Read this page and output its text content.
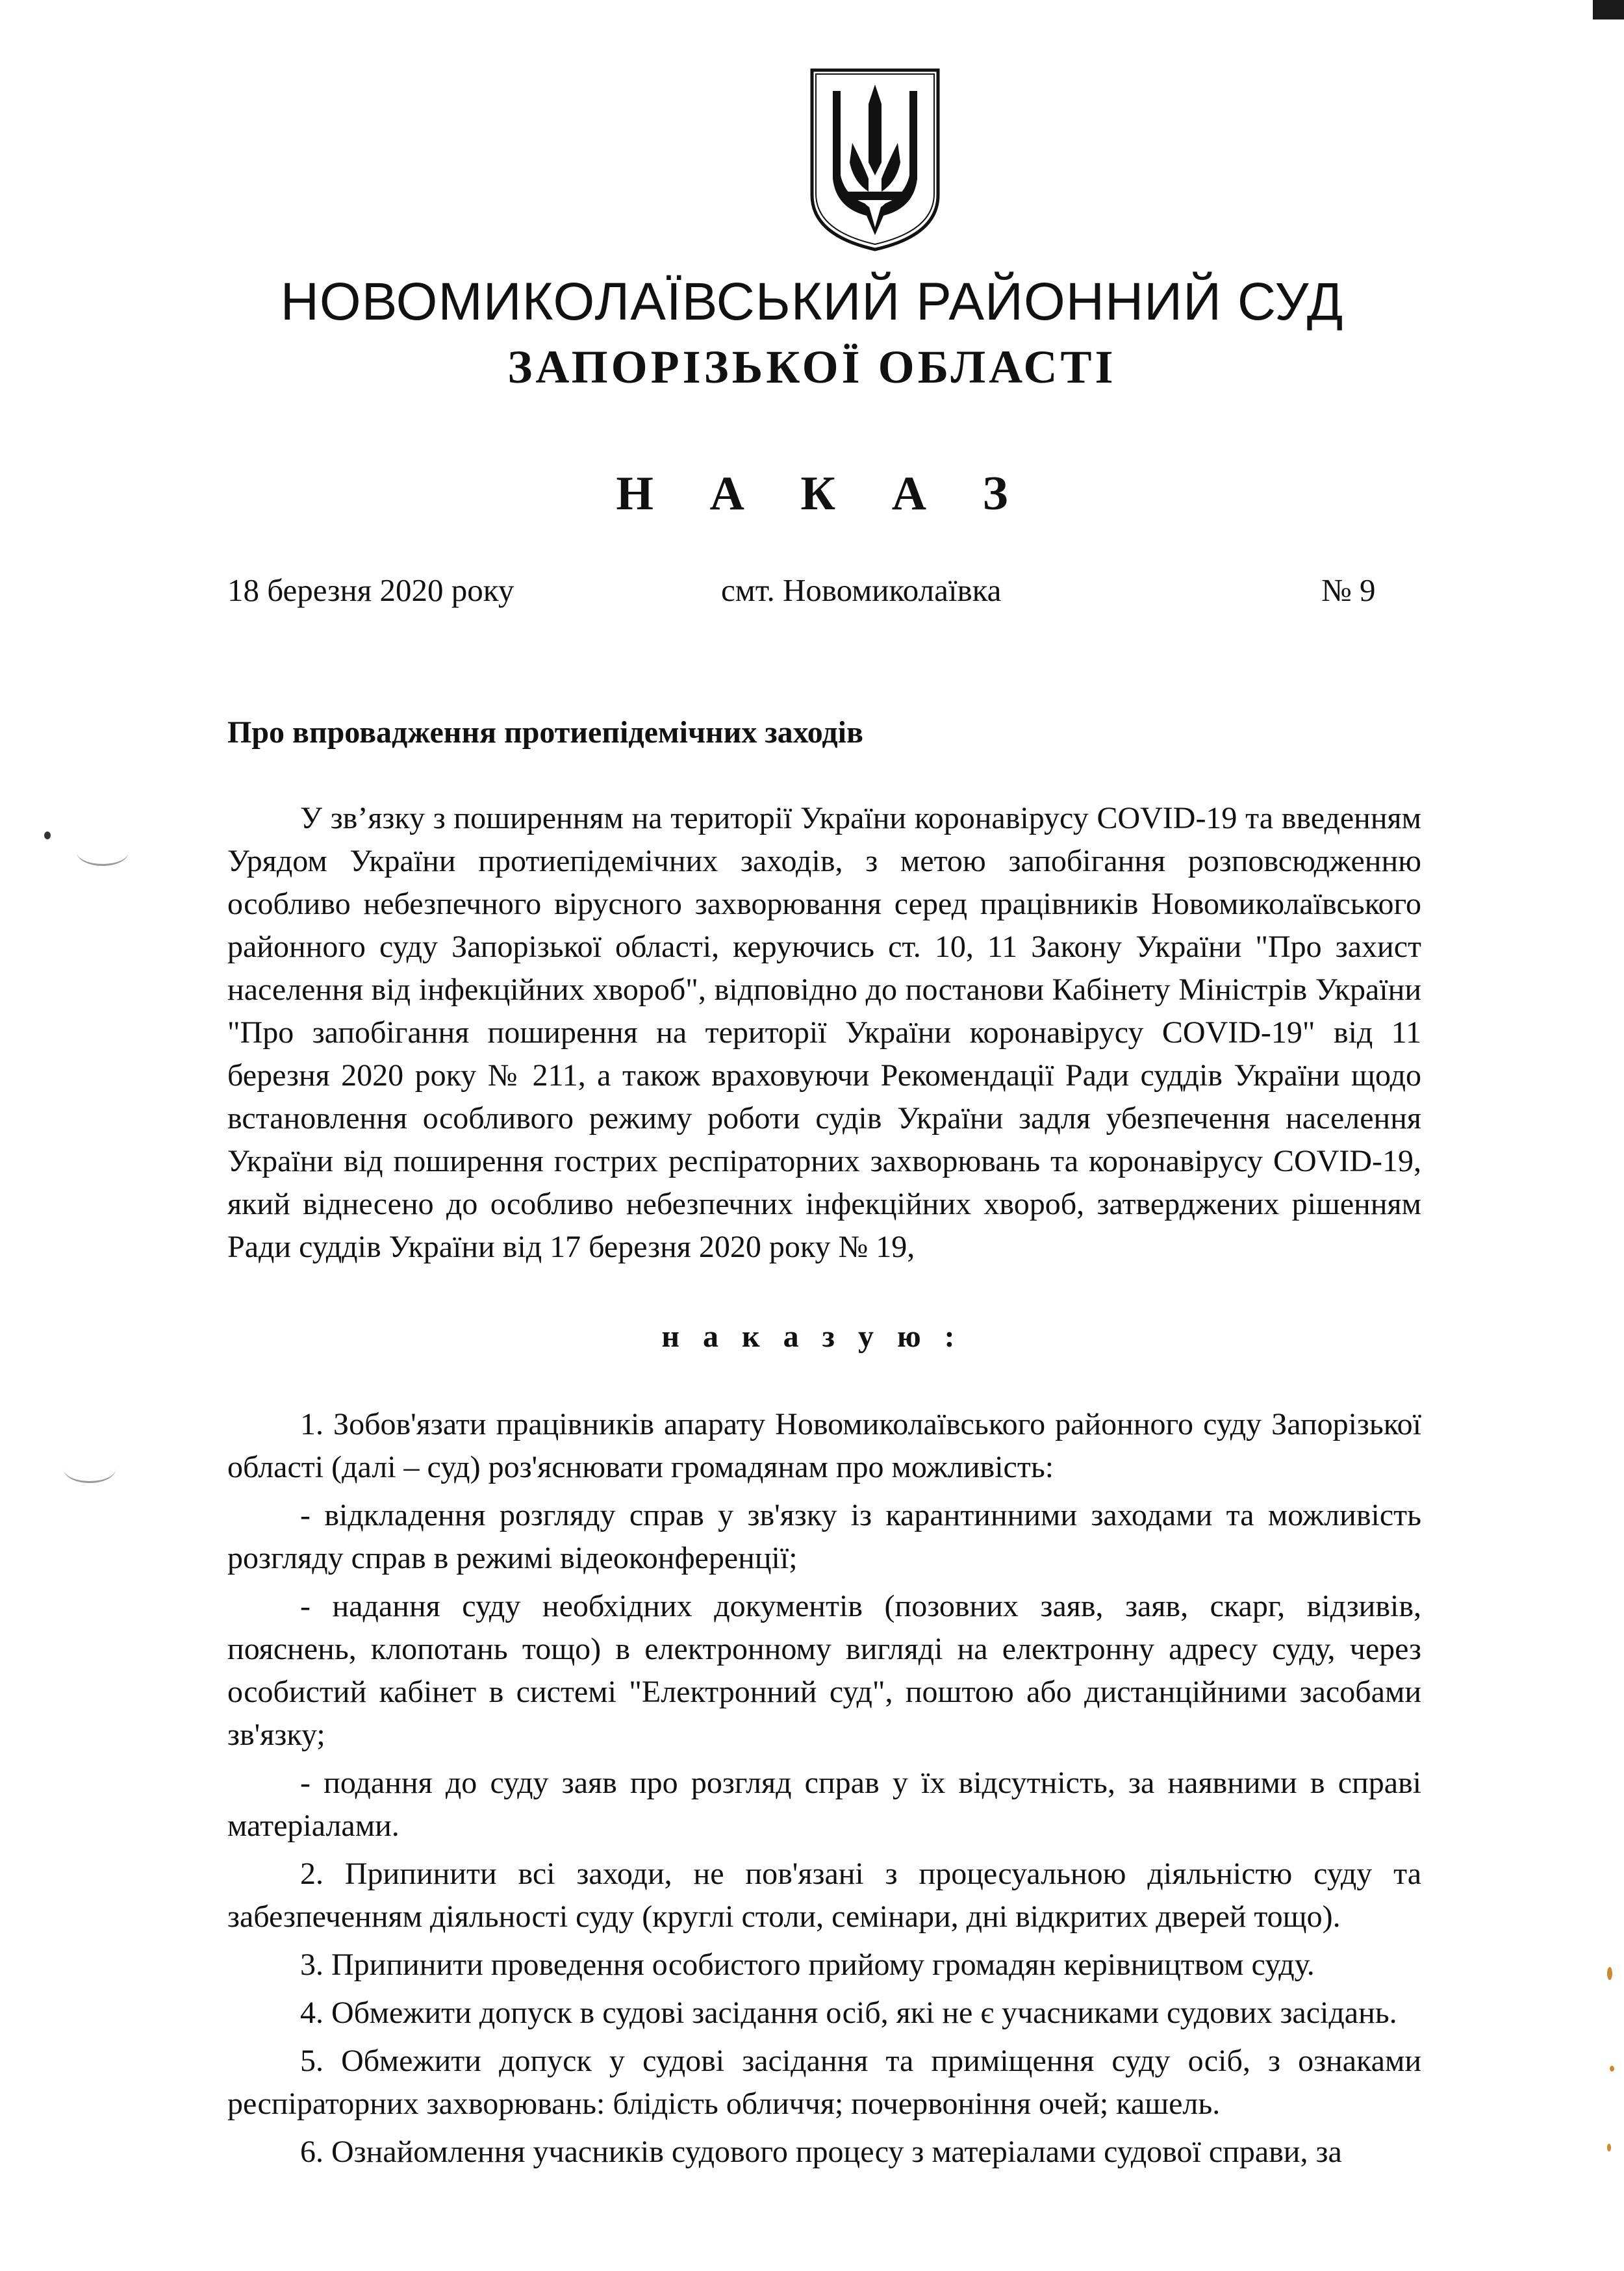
НОВОМИКОЛАЇВСЬКИЙ РАЙОННИЙ СУД
ЗАПОРІЗЬКОЇ ОБЛАСТІ
Н А К А З
18 березня 2020 року	смт. Новомиколаївка	№ 9
Про впровадження протиепідемічних заходів

У зв’язку з поширенням на території України коронавірусу COVID-19 та введенням Урядом України протиепідемічних заходів, з метою запобігання розповсюдженню особливо небезпечного вірусного захворювання серед працівників Новомиколаївського районного суду Запорізької області, керуючись ст. 10, 11 Закону України "Про захист населення від інфекційних хвороб", відповідно до постанови Кабінету Міністрів України "Про запобігання поширення на території України коронавірусу COVID-19" від 11 березня 2020 року № 211, а також враховуючи Рекомендації Ради суддів України щодо встановлення особливого режиму роботи судів України задля убезпечення населення України від поширення гострих респіраторних захворювань та коронавірусу COVID-19, який віднесено до особливо небезпечних інфекційних хвороб, затверджених рішенням Ради суддів України від 17 березня 2020 року № 19,

н а к а з у ю :

1. Зобов'язати працівників апарату Новомиколаївського районного суду Запорізької області (далі – суд) роз'яснювати громадянам про можливість:

- відкладення розгляду справ у зв'язку із карантинними заходами та можливість розгляду справ в режимі відеоконференції;

- надання суду необхідних документів (позовних заяв, заяв, скарг, відзивів, пояснень, клопотань тощо) в електронному вигляді на електронну адресу суду, через особистий кабінет в системі "Електронний суд", поштою або дистанційними засобами зв'язку;

- подання до суду заяв про розгляд справ у їх відсутність, за наявними в справі матеріалами.

2. Припинити всі заходи, не пов'язані з процесуальною діяльністю суду та забезпеченням діяльності суду (круглі столи, семінари, дні відкритих дверей тощо).

3. Припинити проведення особистого прийому громадян керівництвом суду.

4. Обмежити допуск в судові засідання осіб, які не є учасниками судових засідань.

5. Обмежити допуск у судові засідання та приміщення суду осіб, з ознаками респіраторних захворювань: блідість обличчя; почервоніння очей; кашель.

6. Ознайомлення учасників судового процесу з матеріалами судової справи, за
